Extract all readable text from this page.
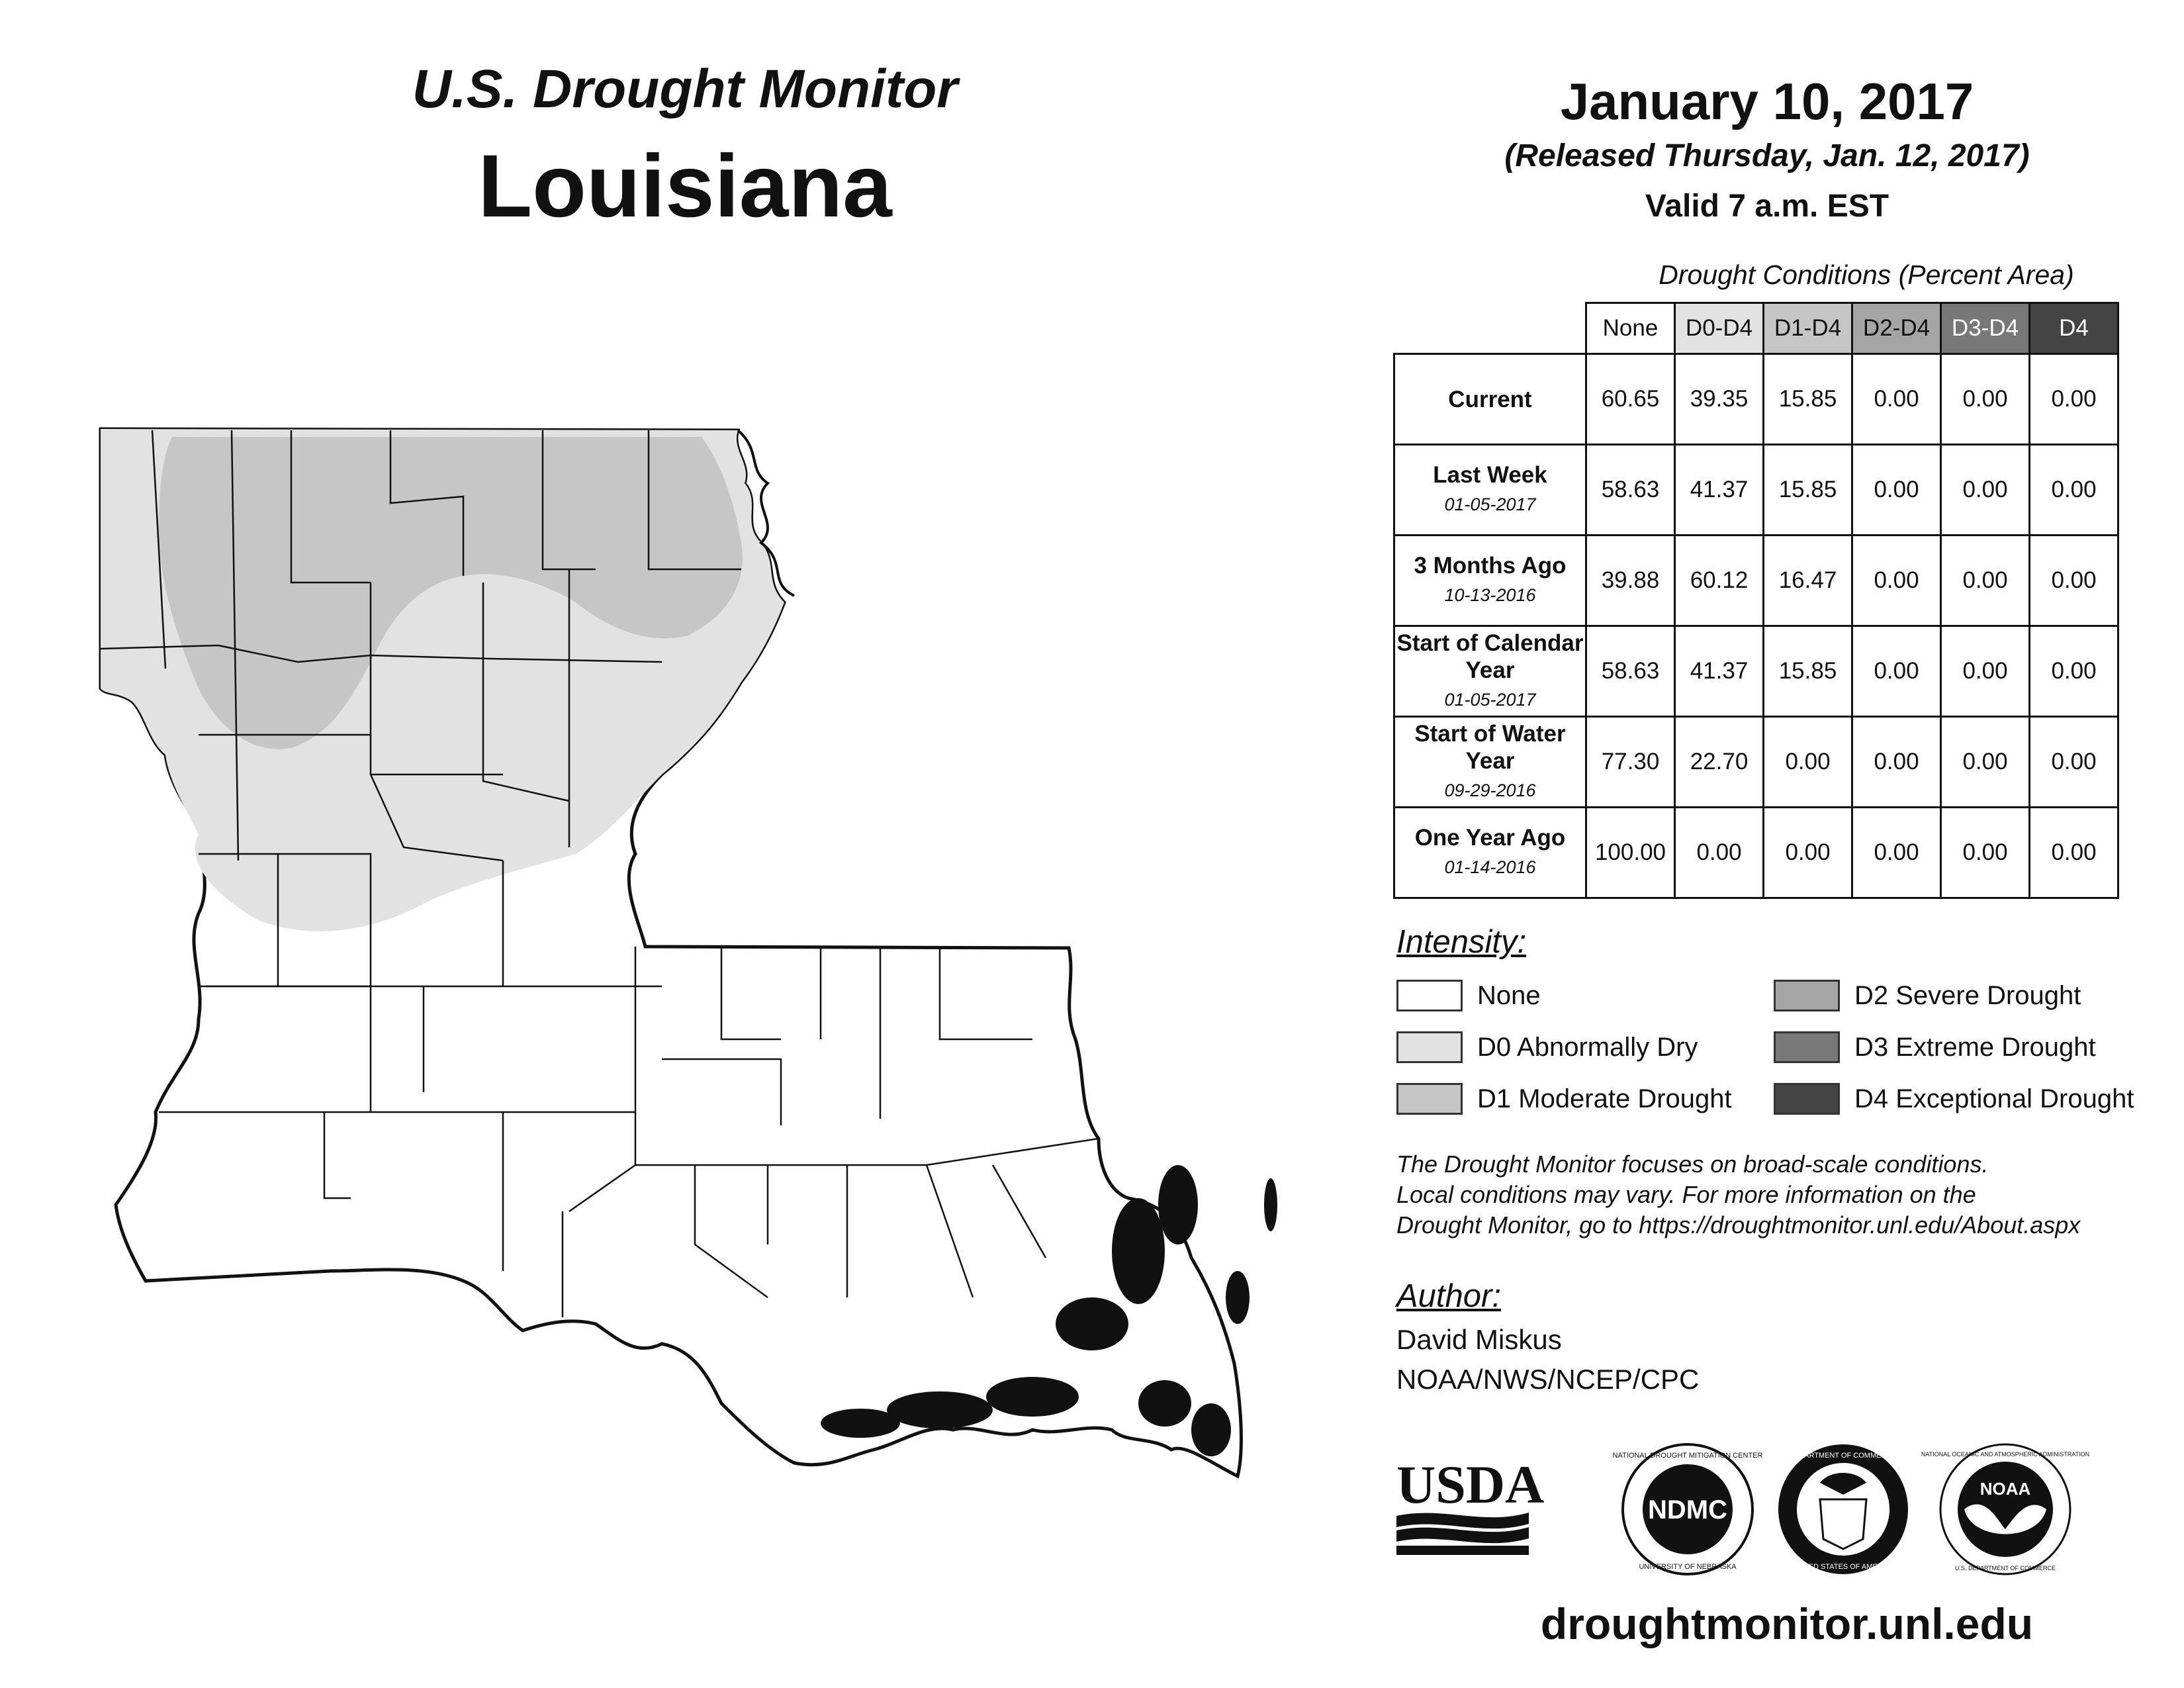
U.S. Drought Monitor
Louisiana
January 10, 2017
(Released Thursday, Jan. 12, 2017)
Valid 7 a.m. EST
Drought Conditions (Percent Area)
	None	D0-D4	D1-D4	D2-D4	D3-D4	D4
Current	60.65	39.35	15.85	0.00	0.00	0.00
Last Week
01-05-2017	58.63	41.37	15.85	0.00	0.00	0.00
3 Months Ago
10-13-2016	39.88	60.12	16.47	0.00	0.00	0.00
Start of Calendar Year
01-05-2017	58.63	41.37	15.85	0.00	0.00	0.00
Start of Water Year
09-29-2016	77.30	22.70	0.00	0.00	0.00	0.00
One Year Ago
01-14-2016	100.00	0.00	0.00	0.00	0.00	0.00
Intensity:
None
D0 Abnormally Dry
D1 Moderate Drought
D2 Severe Drought
D3 Extreme Drought
D4 Exceptional Drought
The Drought Monitor focuses on broad-scale conditions.
Local conditions may vary. For more information on the
Drought Monitor, go to https://droughtmonitor.unl.edu/About.aspx
Author:
David Miskus
NOAA/NWS/NCEP/CPC
USDA	NDMC
NATIONAL DROUGHT MITIGATION CENTER
UNIVERSITY OF NEBRASKA
DEPARTMENT OF COMMERCE
UNITED STATES OF AMERICA
NOAA
NATIONAL OCEANIC AND ATMOSPHERIC ADMINISTRATION
U.S. DEPARTMENT OF COMMERCE
droughtmonitor.unl.edu
